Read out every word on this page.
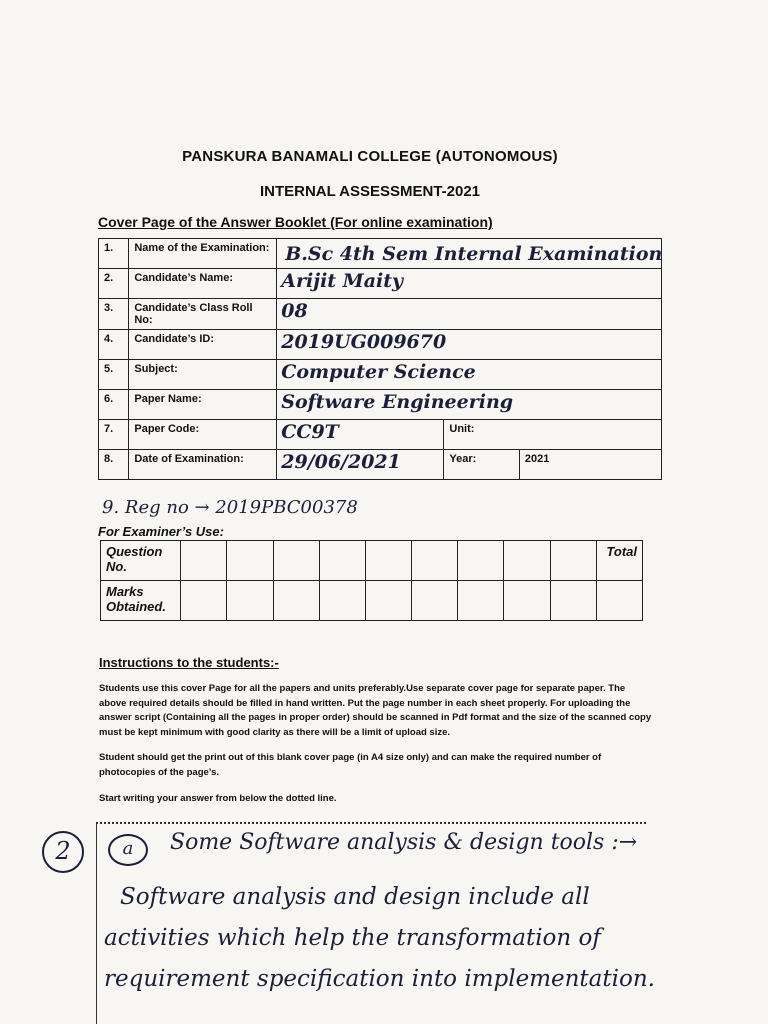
PANSKURA BANAMALI COLLEGE (AUTONOMOUS)
INTERNAL ASSESSMENT-2021
Cover Page of the Answer Booklet (For online examination)
1.	Name of the Examination:	B.Sc 4th Sem Internal Examination		

2.	Candidate’s Name:	Arijit Maity		
3.	Candidate’s Class Roll No:	08		
4.	Candidate’s ID:	2019UG009670		
5.	Subject:	Computer Science		
6.	Paper Name:	Software Engineering		
7.	Paper Code:	CC9T	Unit:	
8.	Date of Examination:	29/06/2021	Year:	2021
9. Reg no → 2019PBC00378
For Examiner’s Use:
Question No.										Total
Marks Obtained.										
Instructions to the students:-

Students use this cover Page for all the papers and units preferably.Use separate cover page for separate paper. The above required details should be filled in hand written. Put the page number in each sheet properly. For uploading the answer script (Containing all the pages in proper order) should be scanned in Pdf format and the size of the scanned copy must be kept minimum with good clarity as there will be a limit of upload size.

Student should get the print out of this blank cover page (in A4 size only) and can make the required number of photocopies of the page’s.

Start writing your answer from below the dotted line.

2	a	Some Software analysis & design tools :→
Software analysis and design include all
activities which help the transformation of
requirement specification into implementation.
